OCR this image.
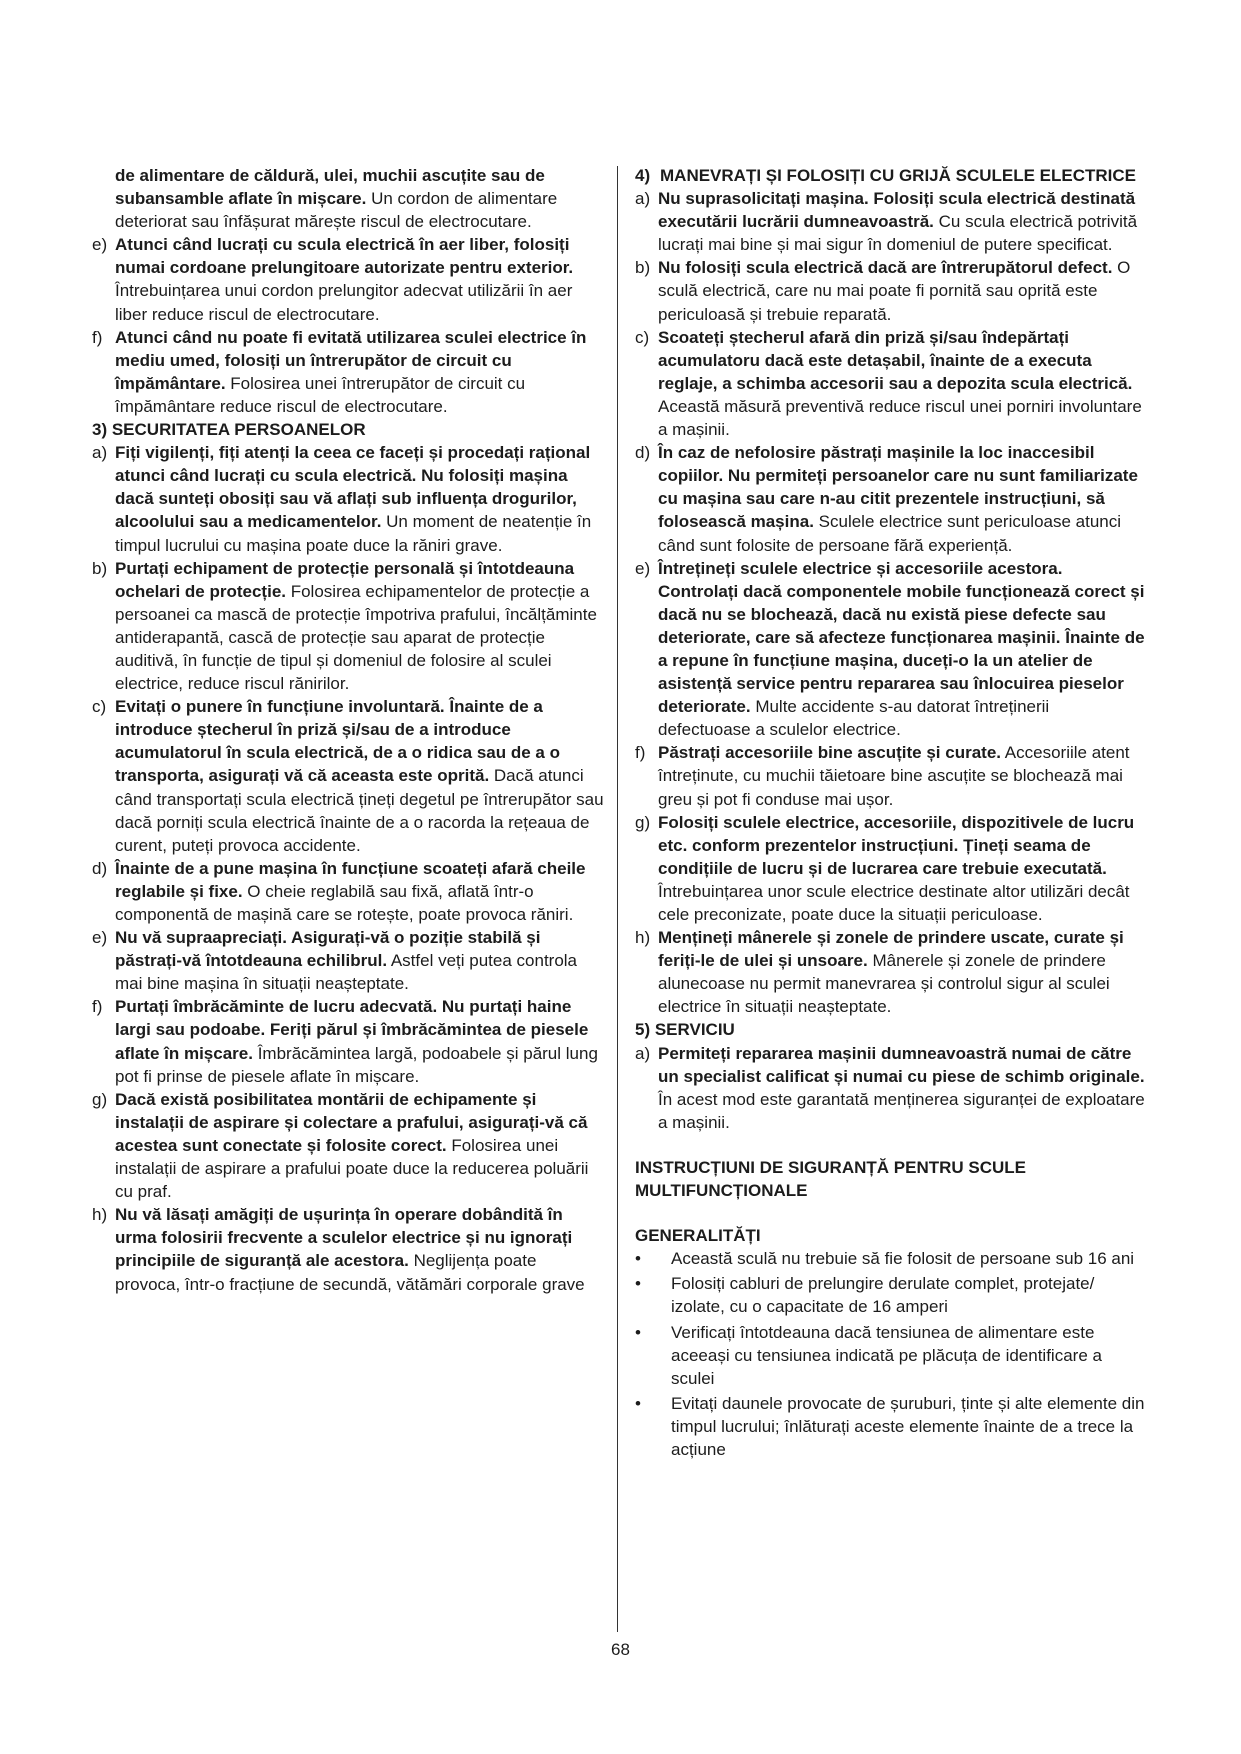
de alimentare de căldură, ulei, muchii ascuțite sau de subansamble aflate în mișcare. Un cordon de alimentare deteriorat sau înfășurat mărește riscul de electrocutare.

e) Atunci când lucrați cu scula electrică în aer liber, folosiți numai cordoane prelungitoare autorizate pentru exterior. Întrebuințarea unui cordon prelungitor adecvat utilizării în aer liber reduce riscul de electrocutare.
f) Atunci când nu poate fi evitată utilizarea sculei electrice în mediu umed, folosiți un întrerupător de circuit cu împământare. Folosirea unei întrerupător de circuit cu împământare reduce riscul de electrocutare.

3) SECURITATEA PERSOANELOR

a) Fiți vigilenți, fiți atenți la ceea ce faceți și procedați rațional atunci când lucrați cu scula electrică. Nu folosiți mașina dacă sunteți obosiți sau vă aflați sub influența drogurilor, alcoolului sau a medicamentelor. Un moment de neatenție în timpul lucrului cu mașina poate duce la răniri grave.
b) Purtați echipament de protecție personală și întotdeauna ochelari de protecție. Folosirea echipamentelor de protecție a persoanei ca mască de protecție împotriva prafului, încălțăminte antiderapantă, cască de protecție sau aparat de protecție auditivă, în funcție de tipul și domeniul de folosire al sculei electrice, reduce riscul rănirilor.
c) Evitați o punere în funcțiune involuntară. Înainte de a introduce ștecherul în priză și/sau de a introduce acumulatorul în scula electrică, de a o ridica sau de a o transporta, asigurați vă că aceasta este oprită. Dacă atunci când transportați scula electrică țineți degetul pe întrerupător sau dacă porniți scula electrică înainte de a o racorda la rețeaua de curent, puteți provoca accidente.
d) Înainte de a pune mașina în funcțiune scoateți afară cheile reglabile și fixe. O cheie reglabilă sau fixă, aflată într-o componentă de mașină care se rotește, poate provoca răniri.
e) Nu vă supraapreciați. Asigurați-vă o poziție stabilă și păstrați-vă întotdeauna echilibrul. Astfel veți putea controla mai bine mașina în situații neașteptate.
f) Purtați îmbrăcăminte de lucru adecvată. Nu purtați haine largi sau podoabe. Feriți părul și îmbrăcămintea de piesele aflate în mișcare. Îmbrăcămintea largă, podoabele și părul lung pot fi prinse de piesele aflate în mișcare.
g) Dacă există posibilitatea montării de echipamente și instalații de aspirare și colectare a prafului, asigurați-vă că acestea sunt conectate și folosite corect. Folosirea unei instalații de aspirare a prafului poate duce la reducerea poluării cu praf.
h) Nu vă lăsați amăgiți de ușurința în operare dobândită în urma folosirii frecvente a sculelor electrice și nu ignorați principiile de siguranță ale acestora. Neglijența poate provoca, într-o fracțiune de secundă, vătămări corporale grave
4) MANEVRAȚI ȘI FOLOSIȚI CU GRIJĂ SCULELE ELECTRICE
a) Nu suprasolicitați mașina. Folosiți scula electrică destinată executării lucrării dumneavoastră. Cu scula electrică potrivită lucrați mai bine și mai sigur în domeniul de putere specificat.
b) Nu folosiți scula electrică dacă are întrerupătorul defect. O sculă electrică, care nu mai poate fi pornită sau oprită este periculoasă și trebuie reparată.
c) Scoateți ștecherul afară din priză și/sau îndepărtați acumulatoru dacă este detașabil, înainte de a executa reglaje, a schimba accesorii sau a depozita scula electrică. Această măsură preventivă reduce riscul unei porniri involuntare a mașinii.
d) În caz de nefolosire păstrați mașinile la loc inaccesibil copiilor. Nu permiteți persoanelor care nu sunt familiarizate cu mașina sau care n-au citit prezentele instrucțiuni, să folosească mașina. Sculele electrice sunt periculoase atunci când sunt folosite de persoane fără experiență.
e) Întrețineți sculele electrice și accesoriile acestora. Controlați dacă componentele mobile funcționează corect și dacă nu se blochează, dacă nu există piese defecte sau deteriorate, care să afecteze funcționarea mașinii. Înainte de a repune în funcțiune mașina, duceți-o la un atelier de asistență service pentru repararea sau înlocuirea pieselor deteriorate. Multe accidente s-au datorat întreținerii defectuoase a sculelor electrice.
f) Păstrați accesoriile bine ascuțite și curate. Accesoriile atent întreținute, cu muchii tăietoare bine ascuțite se blochează mai greu și pot fi conduse mai ușor.
g) Folosiți sculele electrice, accesoriile, dispozitivele de lucru etc. conform prezentelor instrucțiuni. Țineți seama de condițiile de lucru și de lucrarea care trebuie executată. Întrebuințarea unor scule electrice destinate altor utilizări decât cele preconizate, poate duce la situații periculoase.
h) Mențineți mânerele și zonele de prindere uscate, curate și feriți-le de ulei și unsoare. Mânerele și zonele de prindere alunecoase nu permit manevrarea și controlul sigur al sculei electrice în situații neașteptate.

5) SERVICIU

a) Permiteți repararea mașinii dumneavoastră numai de către un specialist calificat și numai cu piese de schimb originale. În acest mod este garantată menținerea siguranței de exploatare a mașinii.

INSTRUCȚIUNI DE SIGURANȚĂ PENTRU SCULE MULTIFUNCȚIONALE

GENERALITĂȚI

• Această sculă nu trebuie să fie folosit de persoane sub 16 ani
• Folosiți cabluri de prelungire derulate complet, protejate/ izolate, cu o capacitate de 16 amperi
• Verificați întotdeauna dacă tensiunea de alimentare este aceeași cu tensiunea indicată pe plăcuța de identificare a sculei
• Evitați daunele provocate de șuruburi, ținte și alte elemente din timpul lucrului; înlăturați aceste elemente înainte de a trece la acțiune
68
